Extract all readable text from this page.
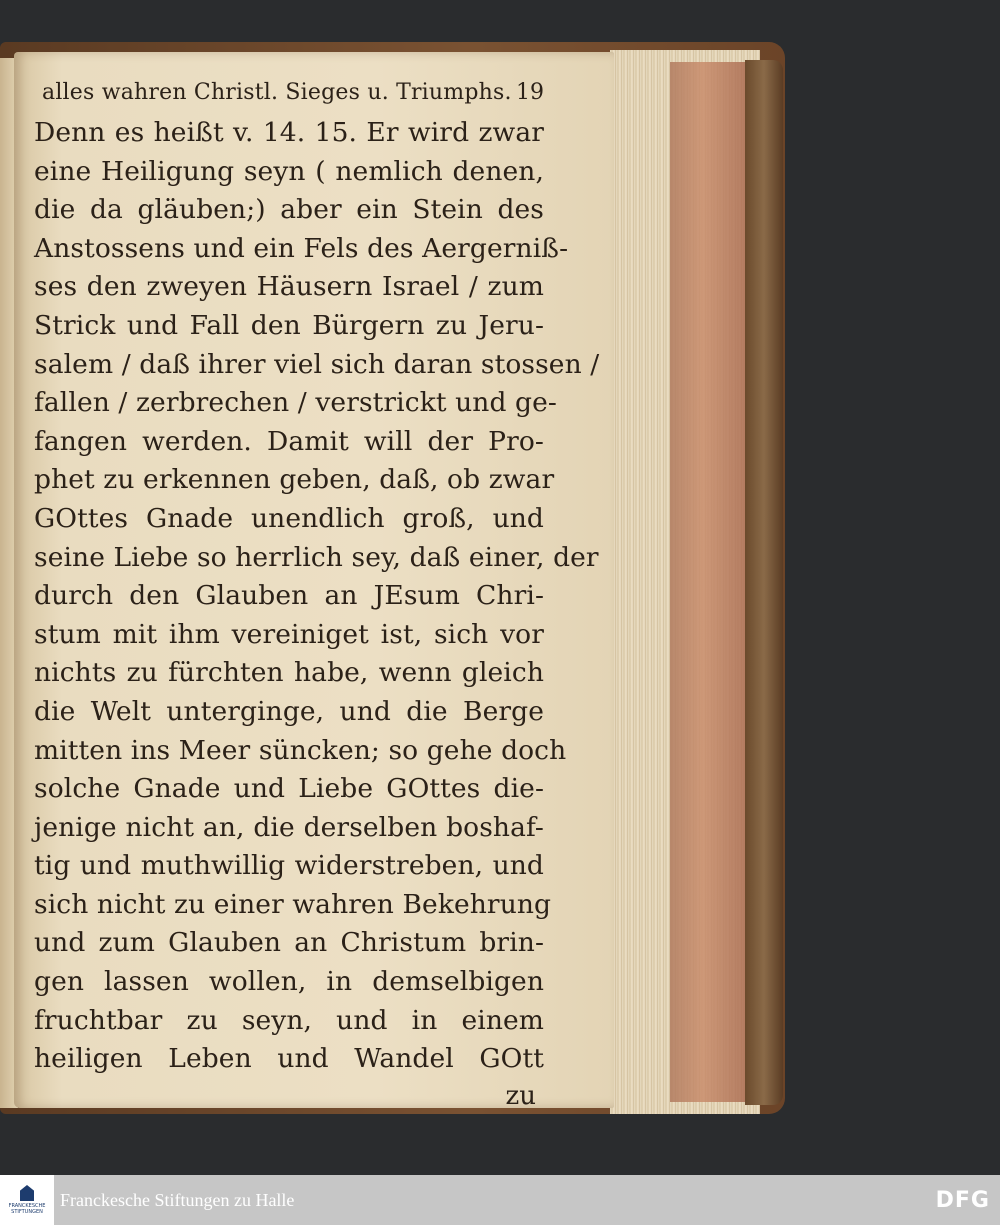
alles wahren Christl. Sieges u. Triumphs. 19
Denn es heißt v. 14. 15. Er wird zwar
eine Heiligung seyn ( nemlich denen,
die da gläuben;) aber ein Stein des
Anstossens und ein Fels des Aergerniß-
ses den zweyen Häusern Israel / zum
Strick und Fall den Bürgern zu Jeru-
salem / daß ihrer viel sich daran stossen /
fallen / zerbrechen / verstrickt und ge-
fangen werden. Damit will der Pro-
phet zu erkennen geben, daß, ob zwar
GOttes Gnade unendlich groß, und
seine Liebe so herrlich sey, daß einer, der
durch den Glauben an JEsum Chri-
stum mit ihm vereiniget ist, sich vor
nichts zu fürchten habe, wenn gleich
die Welt unterginge, und die Berge
mitten ins Meer süncken; so gehe doch
solche Gnade und Liebe GOttes die-
jenige nicht an, die derselben boshaf-
tig und muthwillig widerstreben, und
sich nicht zu einer wahren Bekehrung
und zum Glauben an Christum brin-
gen lassen wollen, in demselbigen
fruchtbar zu seyn, und in einem
heiligen Leben und Wandel GOtt
zu
FRANCKESCHE STIFTUNGEN
Franckesche Stiftungen zu Halle	DFG
